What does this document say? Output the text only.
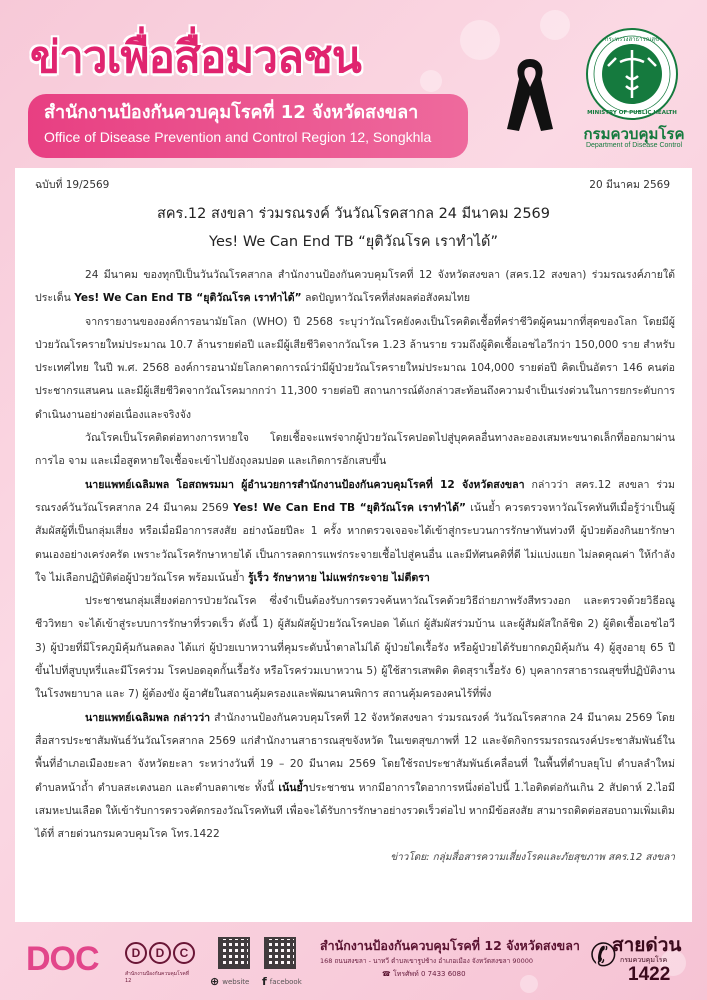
ข่าวเพื่อสื่อมวลชน
สำนักงานป้องกันควบคุมโรคที่ 12 จังหวัดสงขลา
Office of Disease Prevention and Control Region 12, Songkhla
กระทรวงสาธารณสุข
MINISTRY OF PUBLIC HEALTH
กรมควบคุมโรค
Department of Disease Control
ฉบับที่ 19/2569	20 มีนาคม 2569
สคร.12 สงขลา ร่วมรณรงค์ วันวัณโรคสากล 24 มีนาคม 2569
Yes! We Can End TB “ยุติวัณโรค เราทำได้”

24 มีนาคม ของทุกปีเป็นวันวัณโรคสากล สำนักงานป้องกันควบคุมโรคที่ 12 จังหวัดสงขลา (สคร.12 สงขลา) ร่วมรณรงค์ภายใต้ประเด็น Yes! We Can End TB “ยุติวัณโรค เราทำได้” ลดปัญหาวัณโรคที่ส่งผลต่อสังคมไทย

จากรายงานขององค์การอนามัยโลก (WHO) ปี 2568 ระบุว่าวัณโรคยังคงเป็นโรคติดเชื้อที่คร่าชีวิตผู้คนมากที่สุดของโลก โดยมีผู้ป่วยวัณโรครายใหม่ประมาณ 10.7 ล้านรายต่อปี และมีผู้เสียชีวิตจากวัณโรค 1.23 ล้านราย รวมถึงผู้ติดเชื้อเอชไอวีกว่า 150,000 ราย สำหรับประเทศไทย ในปี พ.ศ. 2568 องค์การอนามัยโลกคาดการณ์ว่ามีผู้ป่วยวัณโรครายใหม่ประมาณ 104,000 รายต่อปี คิดเป็นอัตรา 146 คนต่อประชากรแสนคน และมีผู้เสียชีวิตจากวัณโรคมากกว่า 11,300 รายต่อปี สถานการณ์ดังกล่าวสะท้อนถึงความจำเป็นเร่งด่วนในการยกระดับการดำเนินงานอย่างต่อเนื่องและจริงจัง

วัณโรคเป็นโรคติดต่อทางการหายใจ โดยเชื้อจะแพร่จากผู้ป่วยวัณโรคปอดไปสู่บุคคลอื่นทางละอองเสมหะขนาดเล็กที่ออกมาผ่านการไอ จาม และเมื่อสูดหายใจเชื้อจะเข้าไปยังถุงลมปอด และเกิดการอักเสบขึ้น

นายแพทย์เฉลิมพล โอสถพรมมา ผู้อำนวยการสำนักงานป้องกันควบคุมโรคที่ 12 จังหวัดสงขลา กล่าวว่า สคร.12 สงขลา ร่วมรณรงค์วันวัณโรคสากล 24 มีนาคม 2569 Yes! We Can End TB “ยุติวัณโรค เราทำได้” เน้นย้ำ ควรตรวจหาวัณโรคทันทีเมื่อรู้ว่าเป็นผู้สัมผัสผู้ที่เป็นกลุ่มเสี่ยง หรือเมื่อมีอาการสงสัย อย่างน้อยปีละ 1 ครั้ง หากตรวจเจอจะได้เข้าสู่กระบวนการรักษาทันท่วงที ผู้ป่วยต้องกินยารักษาตนเองอย่างเคร่งครัด เพราะวัณโรครักษาหายได้ เป็นการลดการแพร่กระจายเชื้อไปสู่คนอื่น และมีทัศนคติที่ดี ไม่แบ่งแยก ไม่ลดคุณค่า ให้กำลังใจ ไม่เลือกปฏิบัติต่อผู้ป่วยวัณโรค พร้อมเน้นย้ำ รู้เร็ว รักษาหาย ไม่แพร่กระจาย ไม่ตีตรา

ประชาชนกลุ่มเสี่ยงต่อการป่วยวัณโรค ซึ่งจำเป็นต้องรับการตรวจค้นหาวัณโรคด้วยวิธีถ่ายภาพรังสีทรวงอก และตรวจด้วยวิธีอณูชีววิทยา จะได้เข้าสู่ระบบการรักษาที่รวดเร็ว ดังนี้ 1) ผู้สัมผัสผู้ป่วยวัณโรคปอด ได้แก่ ผู้สัมผัสร่วมบ้าน และผู้สัมผัสใกล้ชิด 2) ผู้ติดเชื้อเอชไอวี 3) ผู้ป่วยที่มีโรคภูมิคุ้มกันลดลง ได้แก่ ผู้ป่วยเบาหวานที่คุมระดับน้ำตาลไม่ได้ ผู้ป่วยไตเรื้อรัง หรือผู้ป่วยได้รับยากดภูมิคุ้มกัน 4) ผู้สูงอายุ 65 ปีขึ้นไปที่สูบบุหรี่และมีโรคร่วม โรคปอดอุดกั้นเรื้อรัง หรือโรคร่วมเบาหวาน 5) ผู้ใช้สารเสพติด ติดสุราเรื้อรัง 6) บุคลากรสาธารณสุขที่ปฏิบัติงานในโรงพยาบาล และ 7) ผู้ต้องขัง ผู้อาศัยในสถานคุ้มครองและพัฒนาคนพิการ สถานคุ้มครองคนไร้ที่พึ่ง

นายแพทย์เฉลิมพล กล่าวว่า สำนักงานป้องกันควบคุมโรคที่ 12 จังหวัดสงขลา ร่วมรณรงค์ วันวัณโรคสากล 24 มีนาคม 2569 โดยสื่อสารประชาสัมพันธ์วันวัณโรคสากล 2569 แก่สำนักงานสาธารณสุขจังหวัด ในเขตสุขภาพที่ 12 และจัดกิจกรรมรถรณรงค์ประชาสัมพันธ์ในพื้นที่อำเภอเมืองยะลา จังหวัดยะลา ระหว่างวันที่ 19 – 20 มีนาคม 2569 โดยใช้รถประชาสัมพันธ์เคลื่อนที่ ในพื้นที่ตำบลยุโป ตำบลลำใหม่ ตำบลหน้าถ้ำ ตำบลสะเตงนอก และตำบลตาเซะ ทั้งนี้ เน้นย้ำประชาชน หากมีอาการใดอาการหนึ่งต่อไปนี้ 1.ไอติดต่อกันเกิน 2 สัปดาห์ 2.ไอมีเสมหะปนเลือด ให้เข้ารับการตรวจคัดกรองวัณโรคทันที เพื่อจะได้รับการรักษาอย่างรวดเร็วต่อไป หากมีข้อสงสัย สามารถติดต่อสอบถามเพิ่มเติมได้ที่ สายด่วนกรมควบคุมโรค โทร.1422

ข่าวโดย: กลุ่มสื่อสารความเสี่ยงโรคและภัยสุขภาพ สคร.12 สงขลา

DOC	D	D	C
สำนักงานป้องกันควบคุมโรคที่ 12	⊕ website f facebook
สำนักงานป้องกันควบคุมโรคที่ 12 จังหวัดสงขลา
168 ถนนสงขลา - นาทวี ตำบลเขารูปช้าง อำเภอเมือง จังหวัดสงขลา 90000
☎ โทรศัพท์ 0 7433 6080	✆
สายด่วน
กรมควบคุมโรค
1422
